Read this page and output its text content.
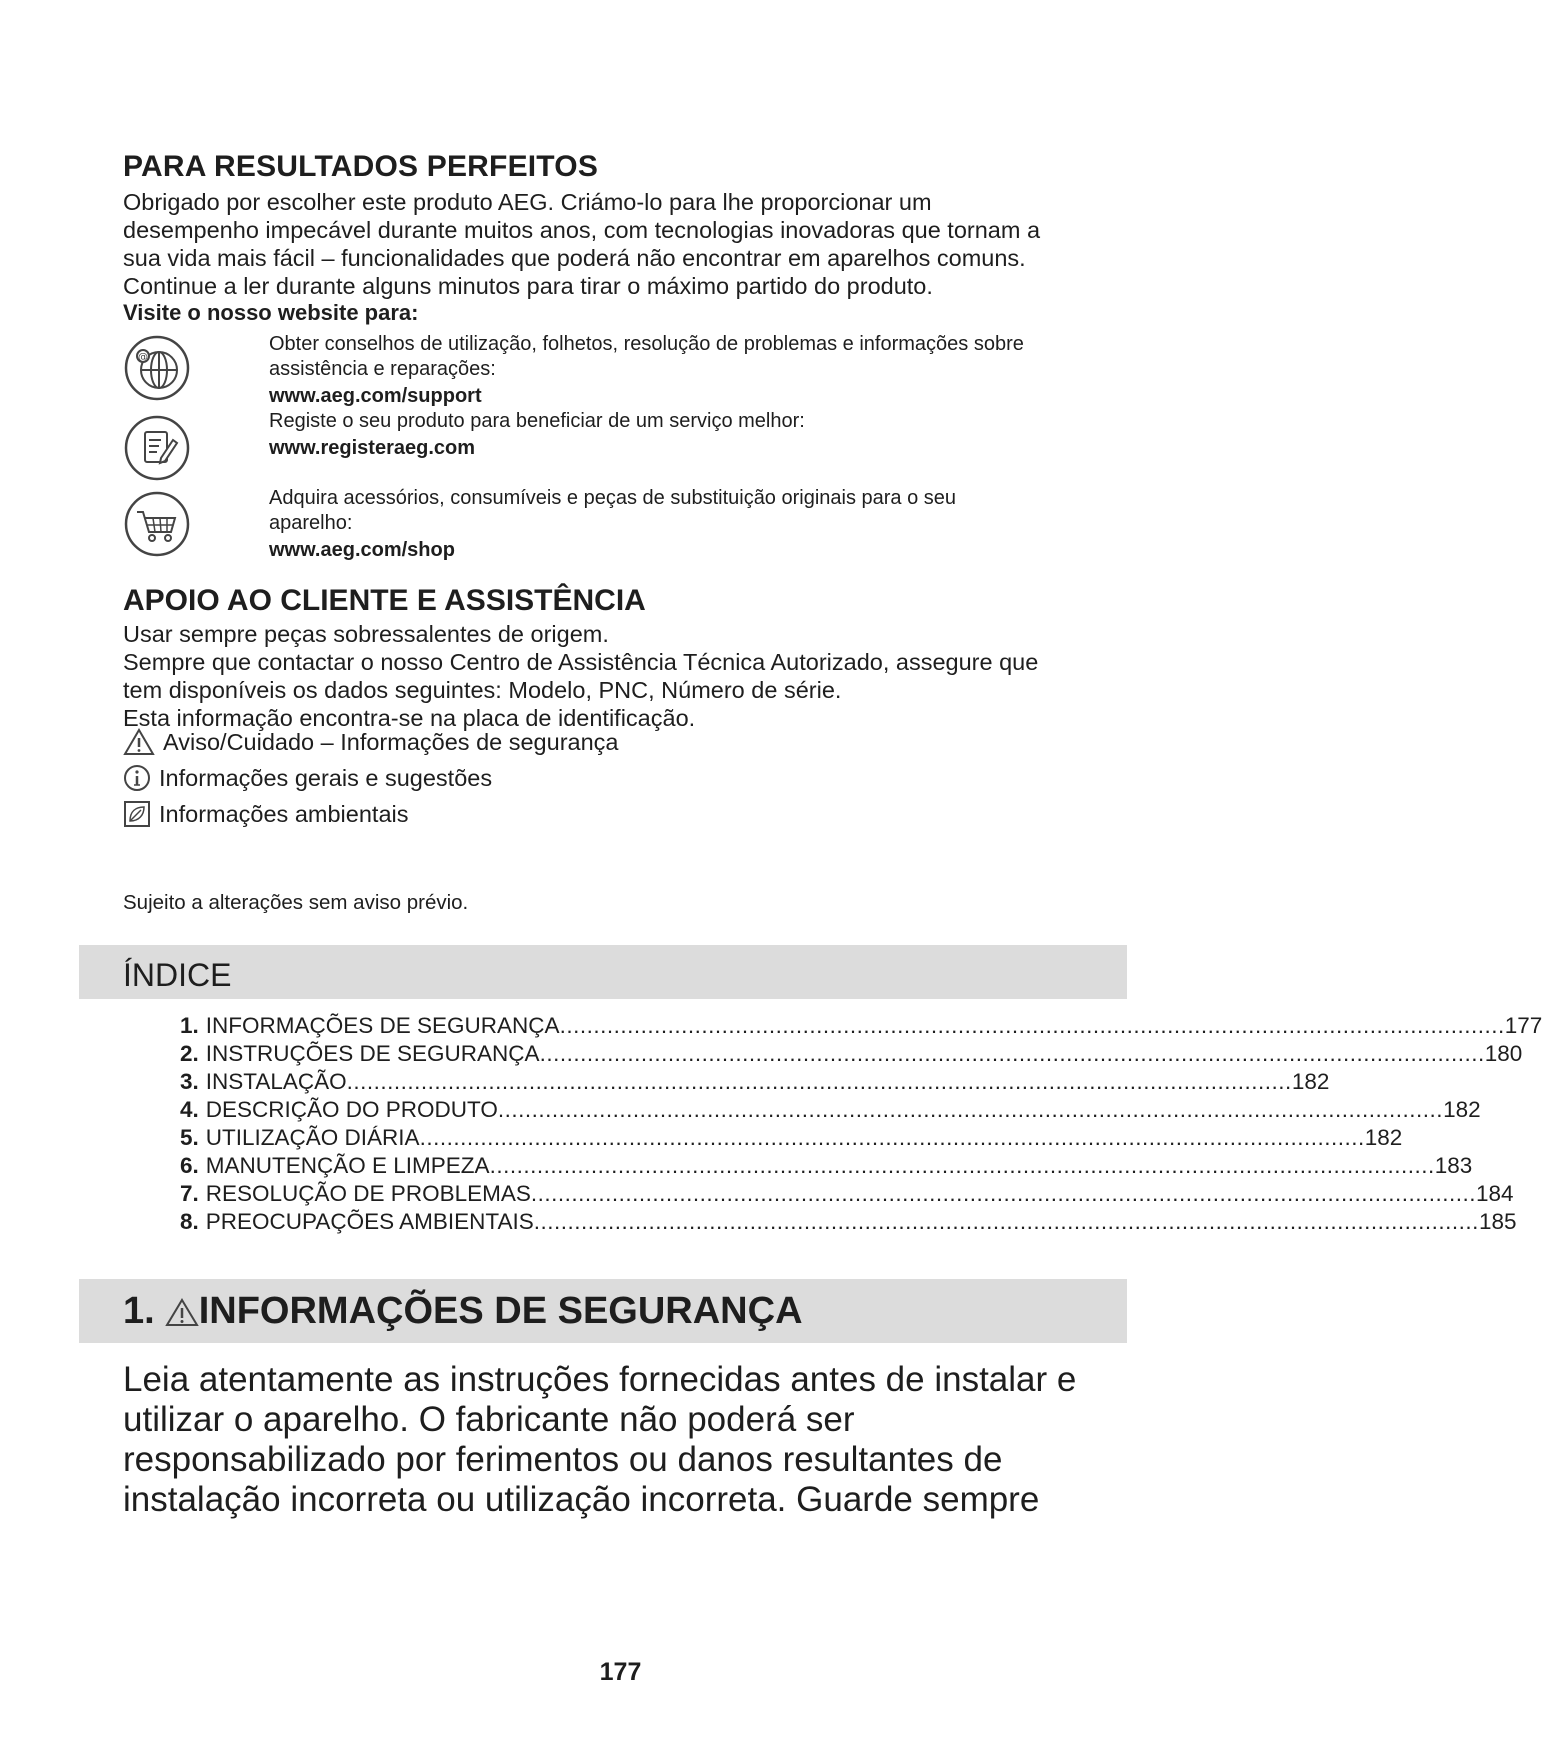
PARA RESULTADOS PERFEITOS

Obrigado por escolher este produto AEG. Criámo-lo para lhe proporcionar um

desempenho impecável durante muitos anos, com tecnologias inovadoras que tornam a

sua vida mais fácil – funcionalidades que poderá não encontrar em aparelhos comuns.

Continue a ler durante alguns minutos para tirar o máximo partido do produto.

Visite o nosso website para:
@

Obter conselhos de utilização, folhetos, resolução de problemas e informações sobre

assistência e reparações:

www.aeg.com/support

Registe o seu produto para beneficiar de um serviço melhor:

www.registeraeg.com

Adquira acessórios, consumíveis e peças de substituição originais para o seu

aparelho:

www.aeg.com/shop

APOIO AO CLIENTE E ASSISTÊNCIA

Usar sempre peças sobressalentes de origem.

Sempre que contactar o nosso Centro de Assistência Técnica Autorizado, assegure que

tem disponíveis os dados seguintes: Modelo, PNC, Número de série.

Esta informação encontra-se na placa de identificação.

Aviso/Cuidado – Informações de segurança
Informações gerais e sugestões
Informações ambientais
Sujeito a alterações sem aviso prévio.
ÍNDICE
1. INFORMAÇÕES DE SEGURANÇA ............................................................................................................................................ 177
2. INSTRUÇÕES DE SEGURANÇA ............................................................................................................................................ 180
3. INSTALAÇÃO ............................................................................................................................................ 182
4. DESCRIÇÃO DO PRODUTO ............................................................................................................................................ 182
5. UTILIZAÇÃO DIÁRIA ............................................................................................................................................ 182
6. MANUTENÇÃO E LIMPEZA ............................................................................................................................................ 183
7. RESOLUÇÃO DE PROBLEMAS ............................................................................................................................................ 184
8. PREOCUPAÇÕES AMBIENTAIS ............................................................................................................................................ 185
1. INFORMAÇÕES DE SEGURANÇA

Leia atentamente as instruções fornecidas antes de instalar e

utilizar o aparelho. O fabricante não poderá ser

responsabilizado por ferimentos ou danos resultantes de

instalação incorreta ou utilização incorreta. Guarde sempre

177
